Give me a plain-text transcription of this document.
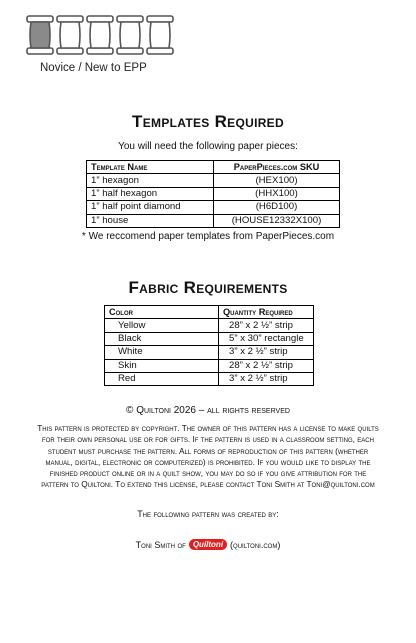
Novice / New to EPP
Templates Required
You will need the following paper pieces:
Template Name	PaperPieces.com SKU
1” hexagon	(HEX100)
1” half hexagon	(HHX100)
1” half point diamond	(H6D100)
1” house	(HOUSE12332X100)
* We reccomend paper templates from PaperPieces.com
Fabric Requirements
Color	Quantity Required
Yellow	28” x 2 ½” strip
Black	5” x 30” rectangle
White	3” x 2 ½” strip
Skin	28” x 2 ½” strip
Red	3” x 2 ½” strip
© Quiltoni 2026 – all rights reserved
This pattern is protected by copyright. The owner of this pattern has a license to make quilts for their own personal use or for gifts. If the pattern is used in a classroom setting, each student must purchase the pattern. All forms of reproduction of this pattern (whether manual, digital, electronic or computerized) is prohibited. If you would like to display the finished product online or in a quilt show, you may do so if you give attribution for the pattern to Quiltoni. To extend this license, please contact Toni Smith at Toni@quiltoni.com
The following pattern was created by:
Toni Smith of Quiltoni (quiltoni.com)
